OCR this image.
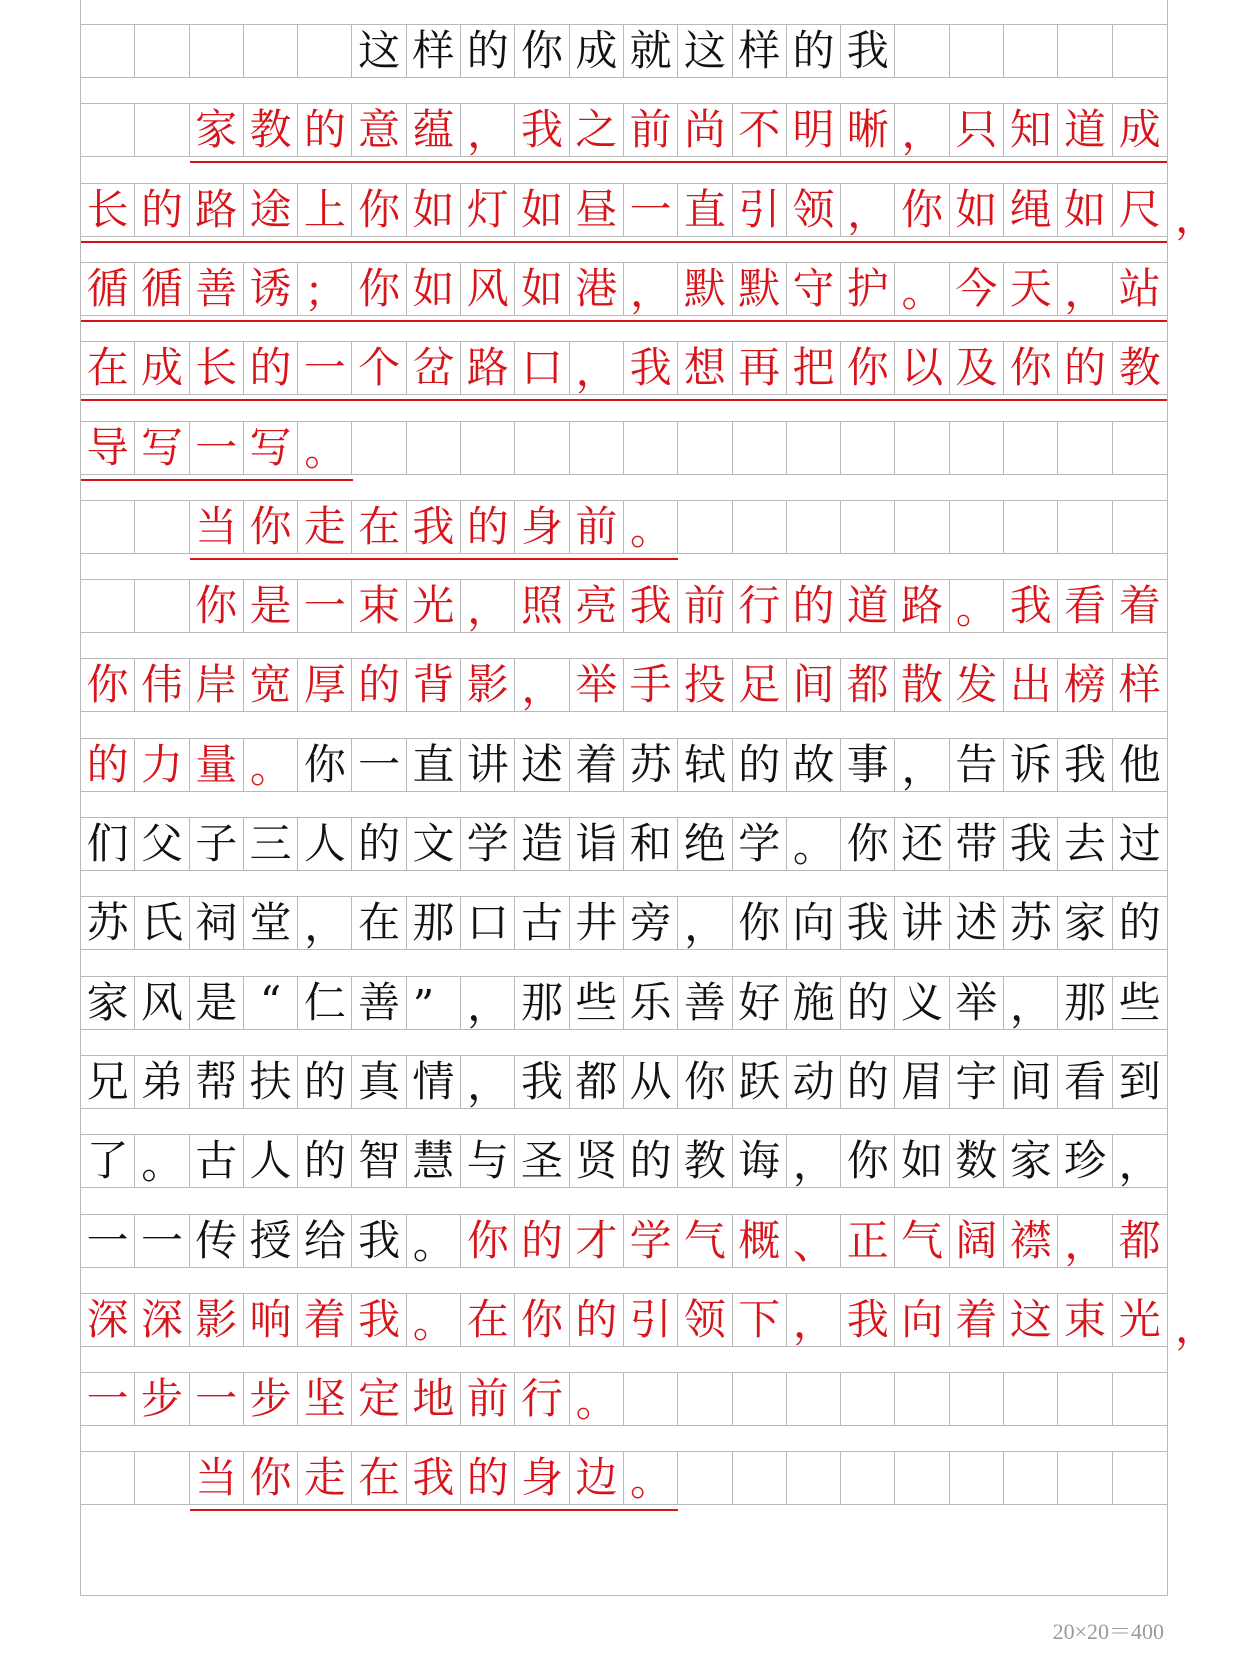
这 样 的 你 成 就 这 样 的 我
家 教 的 意 蕴 ， 我 之 前 尚 不 明 晰 ， 只 知 道 成
长 的 路 途 上 你 如 灯 如 昼 一 直 引 领 ， 你 如 绳 如 尺 ，
循 循 善 诱 ； 你 如 风 如 港 ， 默 默 守 护 。 今 天 ， 站
在 成 长 的 一 个 岔 路 口 ， 我 想 再 把 你 以 及 你 的 教
导 写 一 写 。
当 你 走 在 我 的 身 前 。
你 是 一 束 光 ， 照 亮 我 前 行 的 道 路 。 我 看 着
你 伟 岸 宽 厚 的 背 影 ， 举 手 投 足 间 都 散 发 出 榜 样
的 力 量 。 你 一 直 讲 述 着 苏 轼 的 故 事 ， 告 诉 我 他
们 父 子 三 人 的 文 学 造 诣 和 绝 学 。 你 还 带 我 去 过
苏 氏 祠 堂 ， 在 那 口 古 井 旁 ， 你 向 我 讲 述 苏 家 的
家 风 是 “ 仁 善 ” ， 那 些 乐 善 好 施 的 义 举 ， 那 些
兄 弟 帮 扶 的 真 情 ， 我 都 从 你 跃 动 的 眉 宇 间 看 到
了 。 古 人 的 智 慧 与 圣 贤 的 教 诲 ， 你 如 数 家 珍 ，
一 一 传 授 给 我 。 你 的 才 学 气 概 、 正 气 阔 襟 ， 都
深 深 影 响 着 我 。 在 你 的 引 领 下 ， 我 向 着 这 束 光 ，
一 步 一 步 坚 定 地 前 行 。
当 你 走 在 我 的 身 边 。
20×20＝400
